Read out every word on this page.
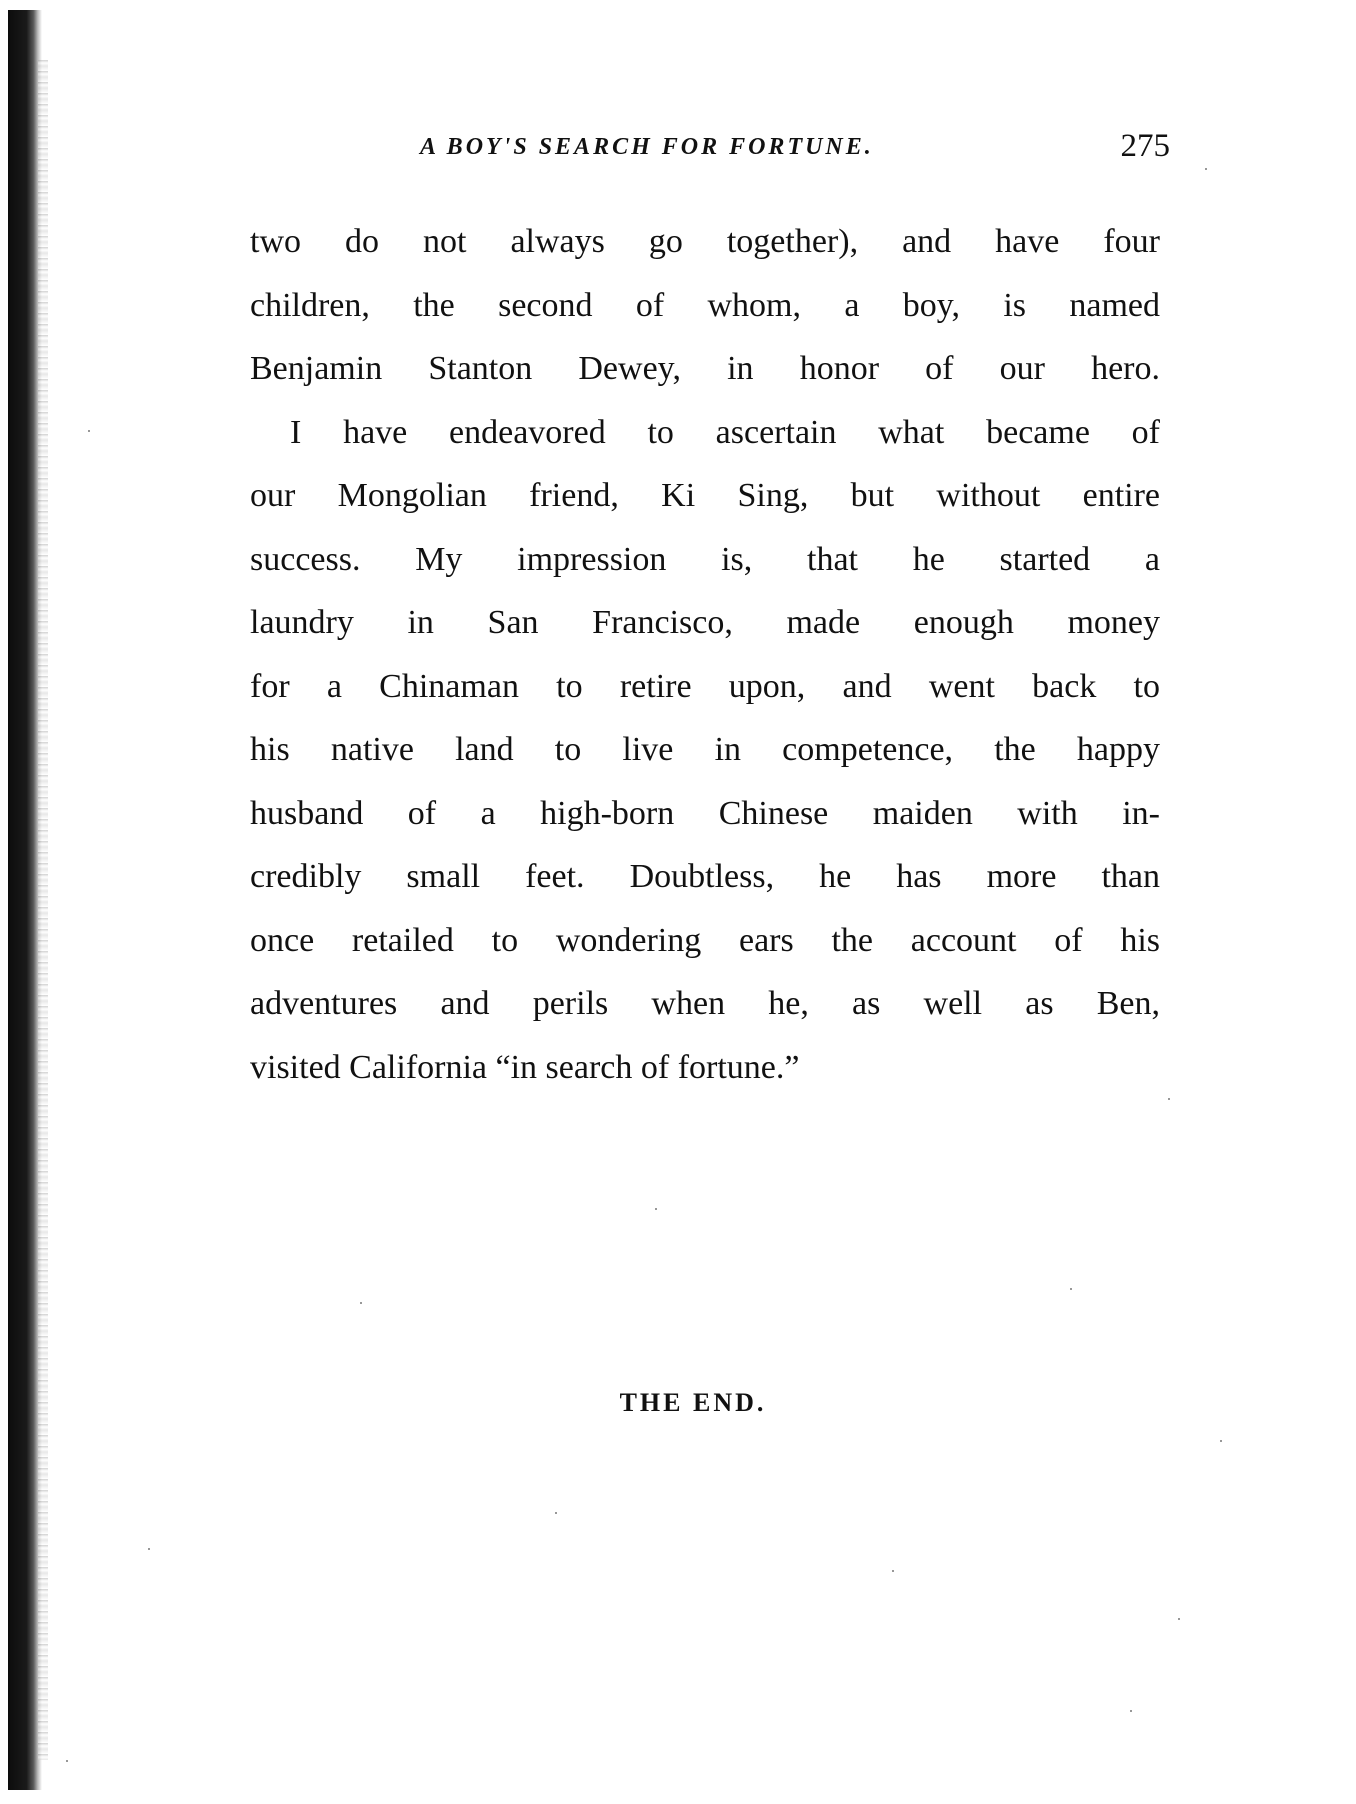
A BOY'S SEARCH FOR FORTUNE.	275
two do not always go together), and have four
children, the second of whom, a boy, is named
Benjamin Stanton Dewey, in honor of our hero.
I have endeavored to ascertain what became of
our Mongolian friend, Ki Sing, but without entire
success. My impression is, that he started a
laundry in San Francisco, made enough money
for a Chinaman to retire upon, and went back to
his native land to live in competence, the happy
husband of a high-born Chinese maiden with in-
credibly small feet. Doubtless, he has more than
once retailed to wondering ears the account of his
adventures and perils when he, as well as Ben,
visited California “in search of fortune.”
THE END.
